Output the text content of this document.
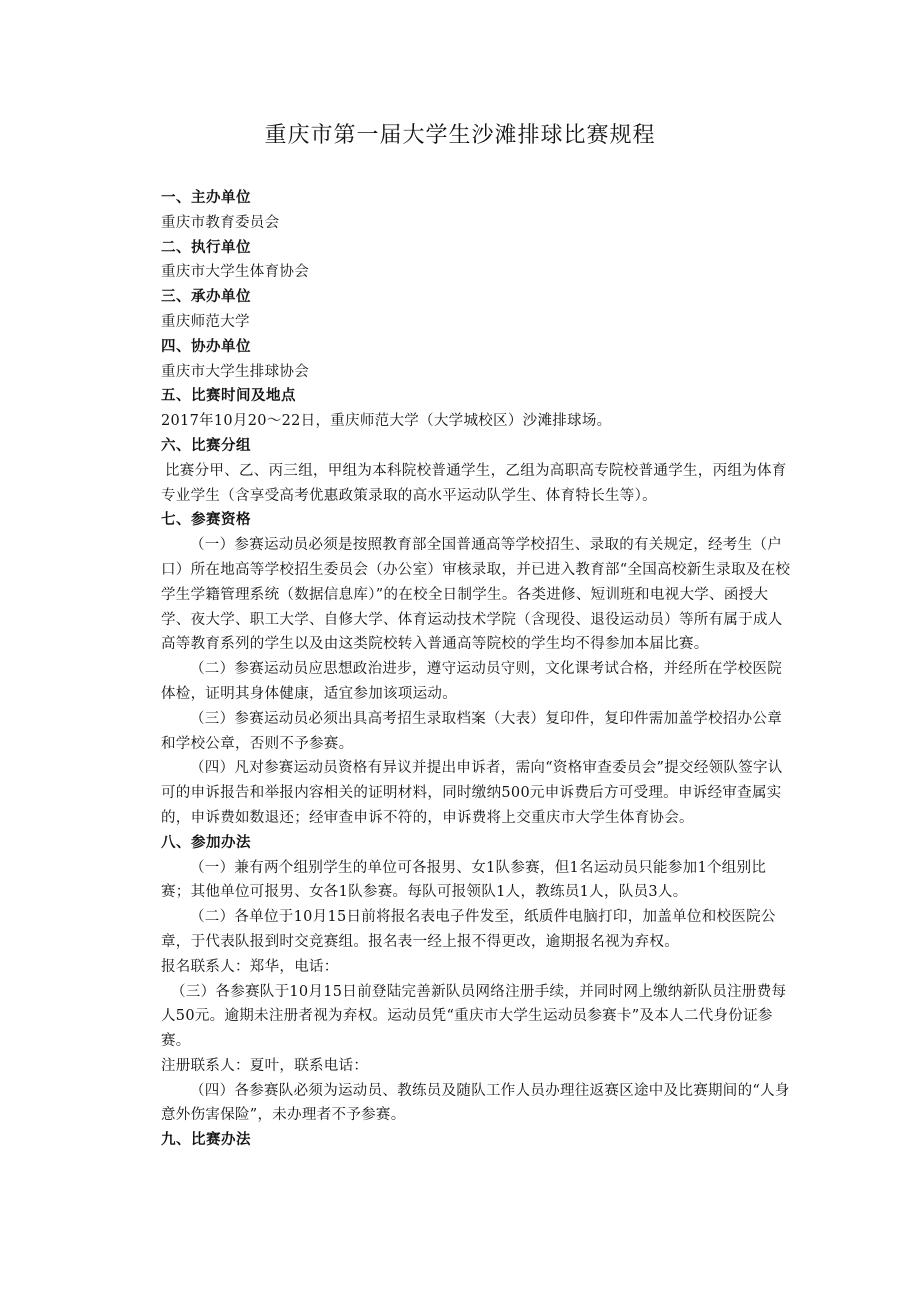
重庆市第一届大学生沙滩排球比赛规程

一、主办单位

重庆市教育委员会

二、执行单位

重庆市大学生体育协会

三、承办单位

重庆师范大学

四、协办单位

重庆市大学生排球协会

五、比赛时间及地点

2017年10月20～22日，重庆师范大学（大学城校区）沙滩排球场。

六、比赛分组

比赛分甲、乙、丙三组，甲组为本科院校普通学生，乙组为高职高专院校普通学生，丙组为体育专业学生（含享受高考优惠政策录取的高水平运动队学生、体育特长生等）。

七、参赛资格

（一）参赛运动员必须是按照教育部全国普通高等学校招生、录取的有关规定，经考生（户口）所在地高等学校招生委员会（办公室）审核录取，并已进入教育部“全国高校新生录取及在校学生学籍管理系统（数据信息库）”的在校全日制学生。各类进修、短训班和电视大学、函授大学、夜大学、职工大学、自修大学、体育运动技术学院（含现役、退役运动员）等所有属于成人高等教育系列的学生以及由这类院校转入普通高等院校的学生均不得参加本届比赛。

（二）参赛运动员应思想政治进步，遵守运动员守则，文化课考试合格，并经所在学校医院体检，证明其身体健康，适宜参加该项运动。

（三）参赛运动员必须出具高考招生录取档案（大表）复印件，复印件需加盖学校招办公章和学校公章，否则不予参赛。

（四）凡对参赛运动员资格有异议并提出申诉者，需向“资格审查委员会”提交经领队签字认可的申诉报告和举报内容相关的证明材料，同时缴纳500元申诉费后方可受理。申诉经审查属实的，申诉费如数退还；经审查申诉不符的，申诉费将上交重庆市大学生体育协会。

八、参加办法

（一）兼有两个组别学生的单位可各报男、女1队参赛，但1名运动员只能参加1个组别比赛；其他单位可报男、女各1队参赛。每队可报领队1人，教练员1人，队员3人。

（二）各单位于10月15日前将报名表电子件发至，纸质件电脑打印，加盖单位和校医院公章，于代表队报到时交竞赛组。报名表一经上报不得更改，逾期报名视为弃权。

报名联系人：郑华，电话：

（三）各参赛队于10月15日前登陆完善新队员网络注册手续，并同时网上缴纳新队员注册费每人50元。逾期未注册者视为弃权。运动员凭“重庆市大学生运动员参赛卡”及本人二代身份证参赛。

注册联系人：夏叶，联系电话：

（四）各参赛队必须为运动员、教练员及随队工作人员办理往返赛区途中及比赛期间的“人身意外伤害保险”，未办理者不予参赛。

九、比赛办法
